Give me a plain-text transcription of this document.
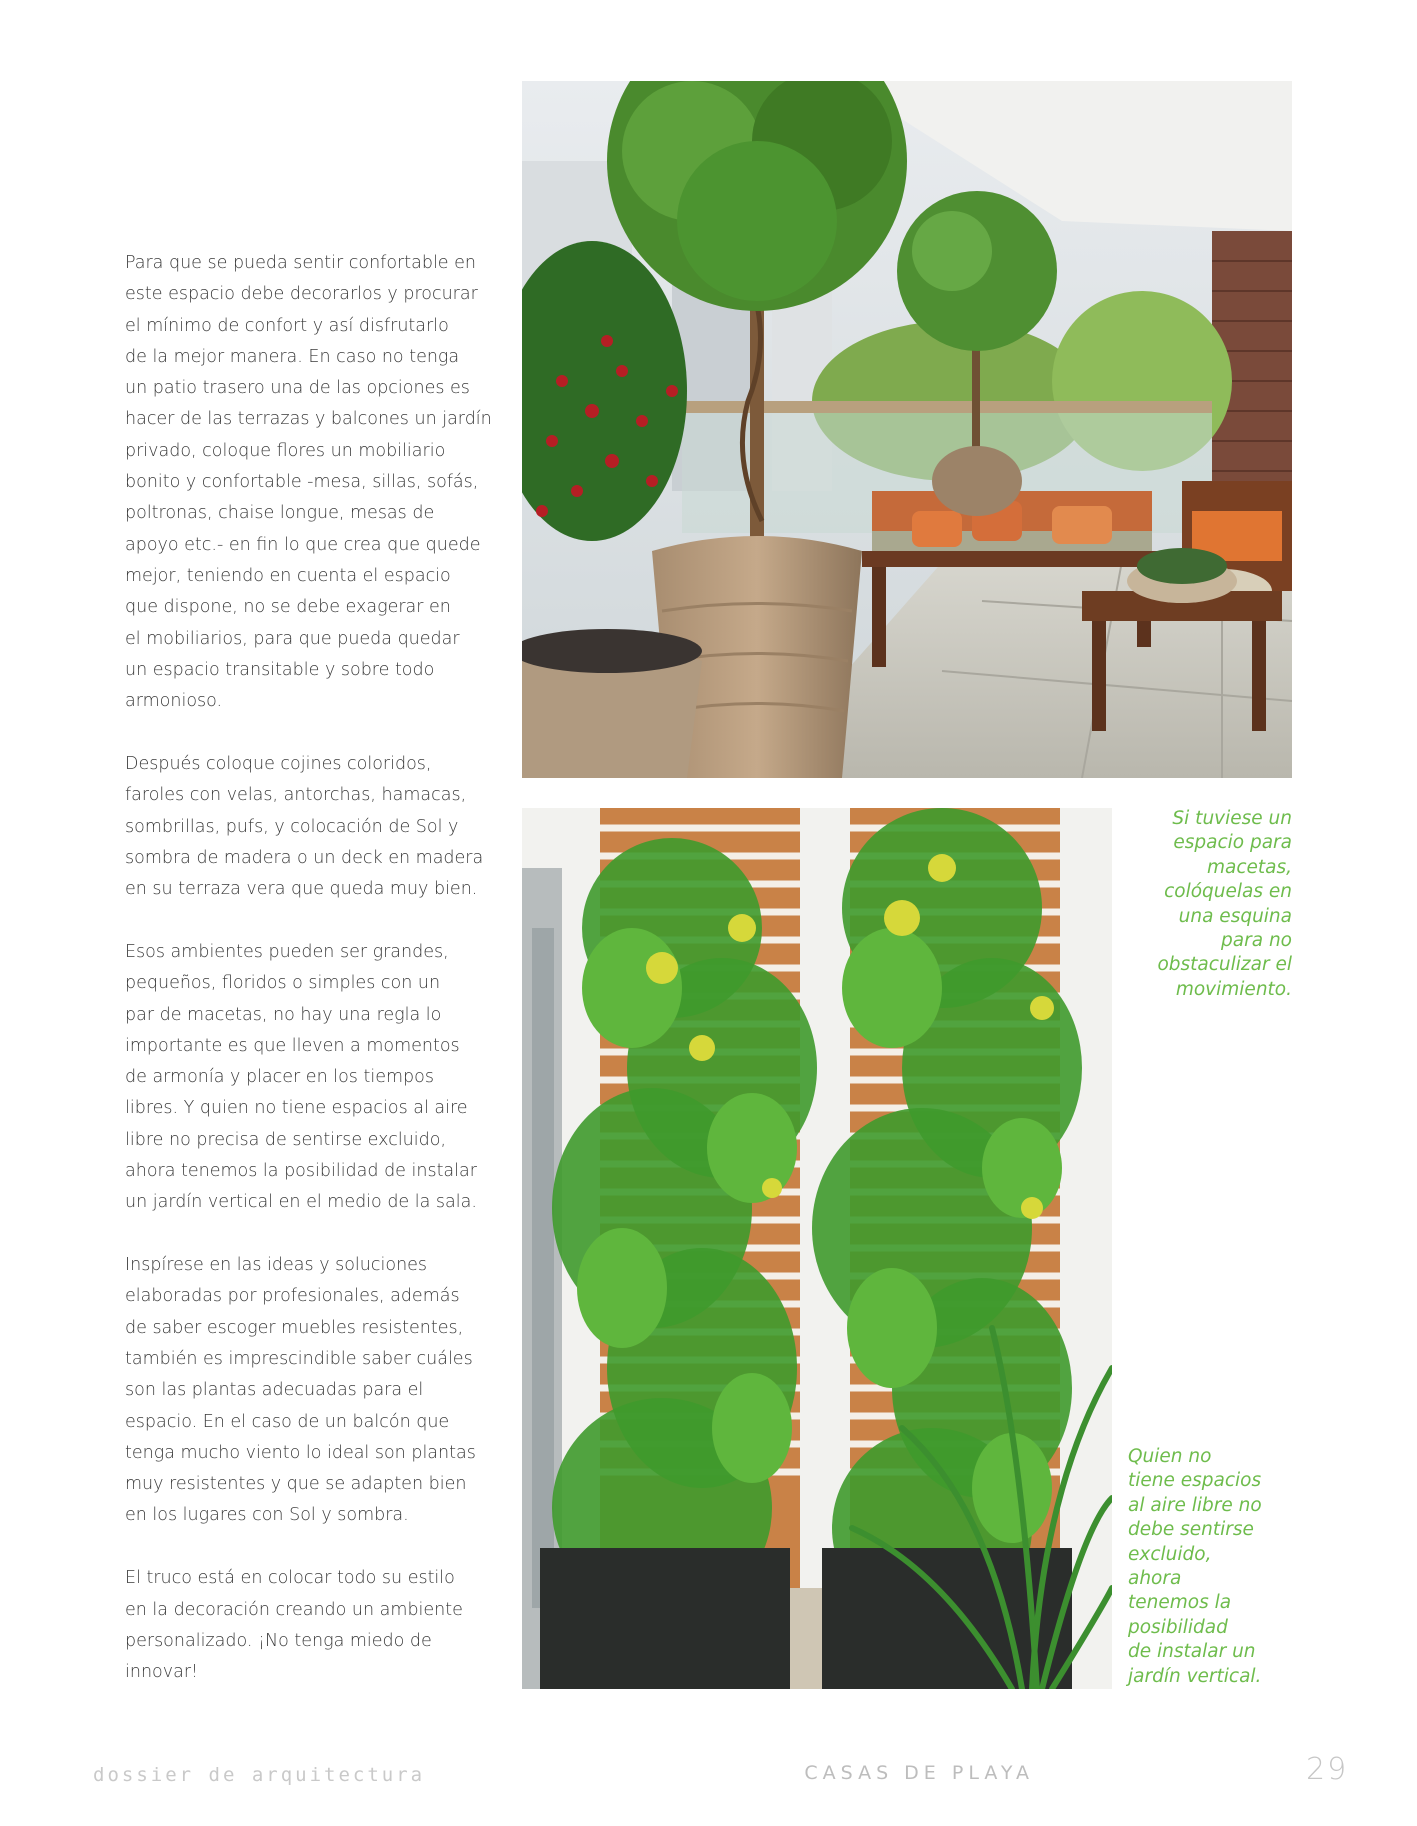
Para que se pueda sentir confortable en
este espacio debe decorarlos y procurar
el mínimo de confort y así disfrutarlo
de la mejor manera. En caso no tenga
un patio trasero una de las opciones es
hacer de las terrazas y balcones un jardín
privado, coloque flores un mobiliario
bonito y confortable -mesa, sillas, sofás,
poltronas, chaise longue, mesas de
apoyo etc.- en fin lo que crea que quede
mejor, teniendo en cuenta el espacio
que dispone, no se debe exagerar en
el mobiliarios, para que pueda quedar
un espacio transitable y sobre todo
armonioso.

Después coloque cojines coloridos,
faroles con velas, antorchas, hamacas,
sombrillas, pufs, y colocación de Sol y
sombra de madera o un deck en madera
en su terraza vera que queda muy bien.

Esos ambientes pueden ser grandes,
pequeños, floridos o simples con un
par de macetas, no hay una regla lo
importante es que lleven a momentos
de armonía y placer en los tiempos
libres. Y quien no tiene espacios al aire
libre no precisa de sentirse excluido,
ahora tenemos la posibilidad de instalar
un jardín vertical en el medio de la sala.

Inspírese en las ideas y soluciones
elaboradas por profesionales, además
de saber escoger muebles resistentes,
también es imprescindible saber cuáles
son las plantas adecuadas para el
espacio. En el caso de un balcón que
tenga mucho viento lo ideal son plantas
muy resistentes y que se adapten bien
en los lugares con Sol y sombra.

El truco está en colocar todo su estilo
en la decoración creando un ambiente
personalizado. ¡No tenga miedo de
innovar!

Si tuviese un
espacio para
macetas,
colóquelas en
una esquina
para no
obstaculizar el
movimiento.
Quien no
tiene espacios
al aire libre no
debe sentirse
excluido,
ahora
tenemos la
posibilidad
de instalar un
jardín vertical.
dossier de arquitectura	CASAS DE PLAYA	29
